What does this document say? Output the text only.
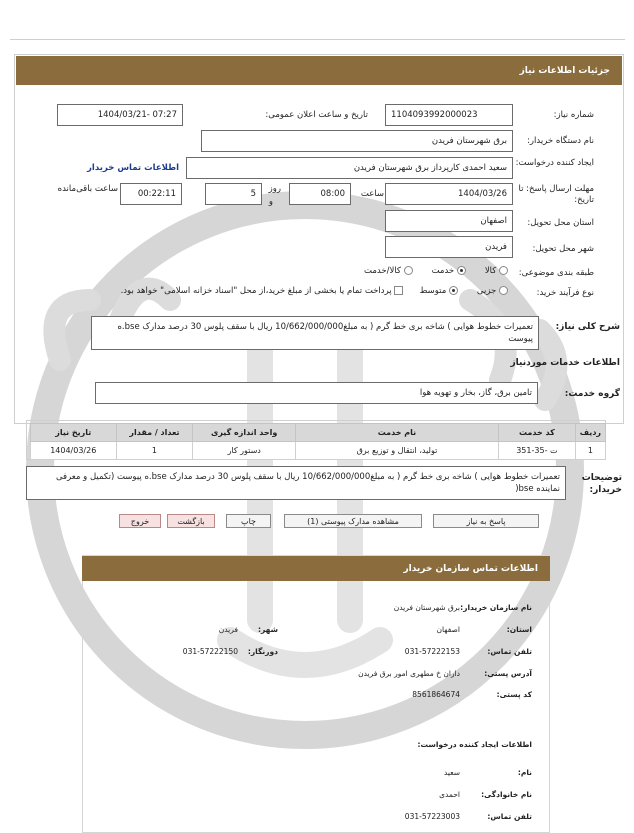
جزئیات اطلاعات نیاز
شماره نیاز:
1104093992000023
تاریخ و ساعت اعلان عمومی:
1404/03/21- 07:27
نام دستگاه خریدار:
برق شهرستان فریدن
ایجاد کننده درخواست:
سعید احمدی کارپرداز برق شهرستان فریدن
اطلاعات تماس خریدار
مهلت ارسال پاسخ: تا تاریخ:
1404/03/26
ساعت
08:00
روز
و
5
00:22:11
ساعت باقی‌مانده
استان محل تحویل:
اصفهان
شهر محل تحویل:
فریدن
طبقه بندی موضوعی:
کالا        خدمت        کالا/خدمت
نوع فرآیند خرید:
جزیی        متوسط       پرداخت تمام یا بخشی از مبلغ خرید،از محل "اسناد خزانه اسلامی" خواهد بود.
شرح کلی نیاز:
تعمیرات خطوط هوایی ) شاخه بری خط گرم ( به مبلغ10/662/000/000 ریال با سقف پلوس 30 درصد مدارک bse.ه پیوست
اطلاعات خدمات موردنیاز
گروه خدمت:
تامین برق، گاز، بخار و تهویه هوا
ردیف	کد خدمت	نام خدمت	واحد اندازه گیری	تعداد / مقدار	تاریخ نیاز
1	ت -35-351	تولید، انتقال و توزیع برق	دستور کار	1	1404/03/26
توضیحات خریدار:
تعمیرات خطوط هوایی ) شاخه بری خط گرم ( به مبلغ10/662/000/000 ریال با سقف پلوس 30 درصد مدارک bse.ه پیوست (تکمیل و معرفی نماینده bse(
پاسخ به نیاز
مشاهده مدارک پیوستی (1)
چاپ
بازگشت
خروج
اطلاعات تماس سازمان خریدار
نام سازمان خریدار:
برق شهرستان فریدن
استان:
اصفهان
شهر:
فریدن
تلفن تماس:
031-57222153
دورنگار:
031-57222150
آدرس پستی:
داران خ مطهری امور برق فریدن
کد پستی:
8561864674
اطلاعات ایجاد کننده درخواست:
نام:
سعید
نام خانوادگی:
احمدی
تلفن تماس:
031-57223003
